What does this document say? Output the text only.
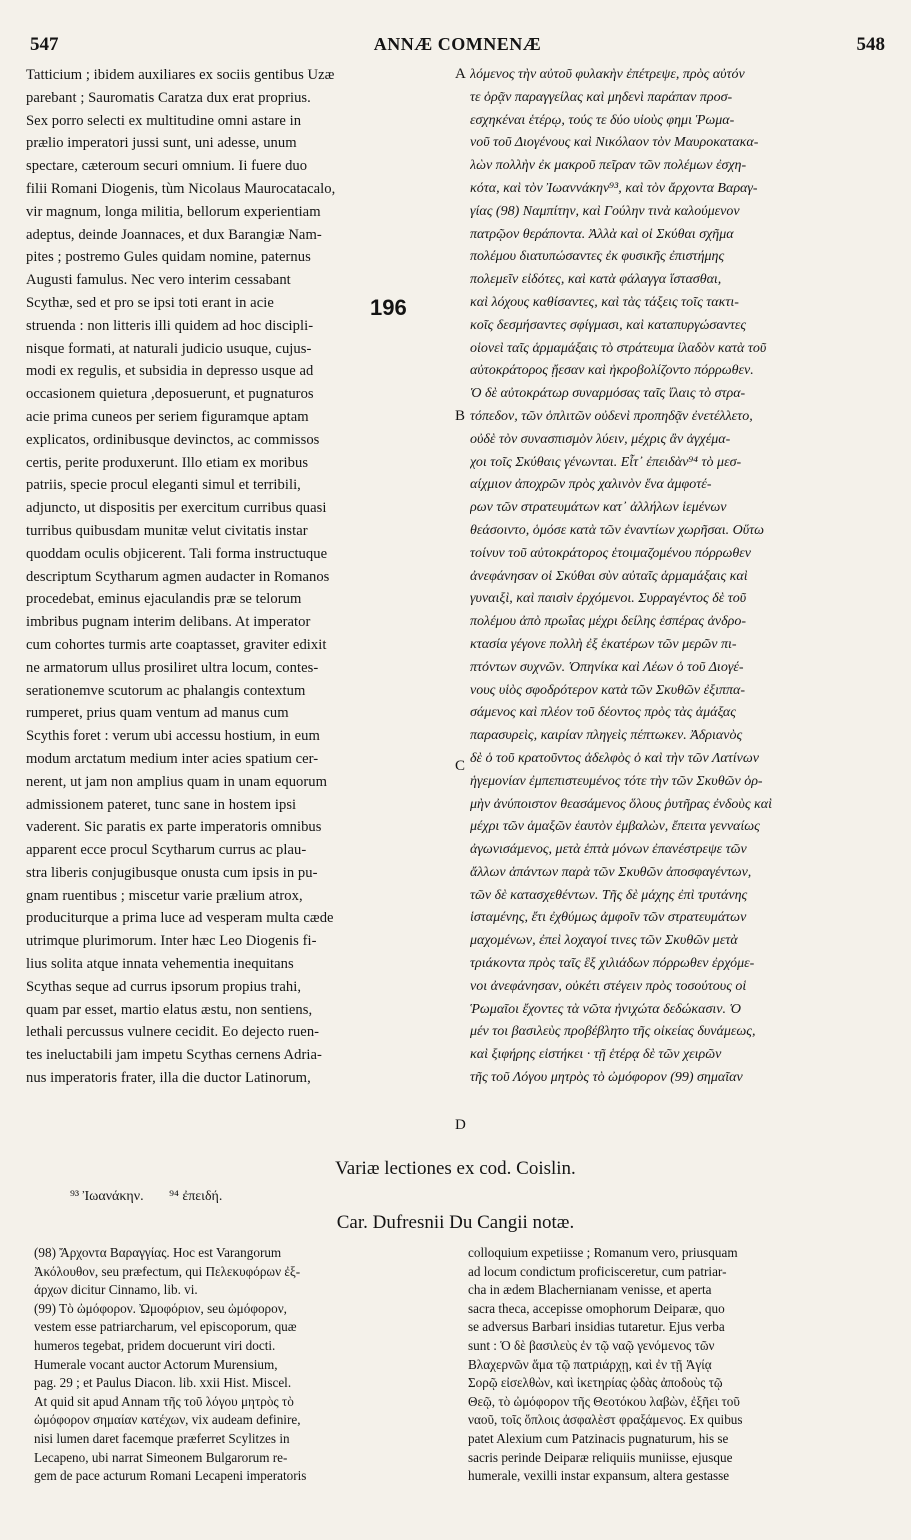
547	ANNÆ COMNENÆ	548
Tatticium ; ibidem auxiliares ex sociis gentibus Uzæ
parebant ; Sauromatis Caratza dux erat proprius.
Sex porro selecti ex multitudine omni astare in
prælio imperatori jussi sunt, uni adesse, unum
spectare, cæteroum securi omnium. Ii fuere duo
filii Romani Diogenis, tùm Nicolaus Maurocatacalo,
vir magnum, longa militia, bellorum experientiam
adeptus, deinde Joannaces, et dux Barangiæ Nam-
pites ; postremo Gules quidam nomine, paternus
Augusti famulus. Nec vero interim cessabant
Scythæ, sed et pro se ipsi toti erant in acie
struenda : non litteris illi quidem ad hoc discipli-
nisque formati, at naturali judicio usuque, cujus-
modi ex regulis, et subsidia in depresso usque ad
occasionem quietura ,deposuerunt, et pugnaturos
acie prima cuneos per seriem figuramque aptam
explicatos, ordinibusque devinctos, ac commissos
certis, perite produxerunt. Illo etiam ex moribus
patriis, specie procul eleganti simul et terribili,
adjuncto, ut dispositis per exercitum curribus quasi
turribus quibusdam munitæ velut civitatis instar
quoddam oculis objicerent. Tali forma instructuque
descriptum Scytharum agmen audacter in Romanos
procedebat, eminus ejaculandis præ se telorum
imbribus pugnam interim delibans. At imperator
cum cohortes turmis arte coaptasset, graviter edixit
ne armatorum ullus prosiliret ultra locum, contes-
serationemve scutorum ac phalangis contextum
rumperet, prius quam ventum ad manus cum
Scythis foret : verum ubi accessu hostium, in eum
modum arctatum medium inter acies spatium cer-
nerent, ut jam non amplius quam in unam equorum
admissionem pateret, tunc sane in hostem ipsi
vaderent. Sic paratis ex parte imperatoris omnibus
apparent ecce procul Scytharum currus ac plau-
stra liberis conjugibusque onusta cum ipsis in pu-
gnam ruentibus ; miscetur varie prælium atrox,
produciturque a prima luce ad vesperam multa cæde
utrimque plurimorum. Inter hæc Leo Diogenis fi-
lius solita atque innata vehementia inequitans
Scythas seque ad currus ipsorum propius trahi,
quam par esset, martio elatus æstu, non sentiens,
lethali percussus vulnere cecidit. Eo dejecto ruen-
tes ineluctabili jam impetu Scythas cernens Adria-
nus imperatoris frater, illa die ductor Latinorum,
λόμενος τὴν αὐτοῦ φυλακὴν ἐπέτρεψε, πρὸς αὐτόν
τε ὁρᾷν παραγγείλας καὶ μηδενὶ παράπαν προσ-
εσχηκέναι ἑτέρῳ, τούς τε δύο υἱοὺς φημι Ῥωμα-
νοῦ τοῦ Διογένους καὶ Νικόλαον τὸν Μαυροκατακα-
λὼν πολλὴν ἐκ μακροῦ πεῖραν τῶν πολέμων ἐσχη-
κότα, καὶ τὸν Ἰωαννάκην⁹³, καὶ τὸν ἄρχοντα Βαραγ-
γίας (98) Ναμπίτην, καὶ Γούλην τινὰ καλούμενον
πατρῷον θεράποντα. Ἀλλὰ καὶ οἱ Σκύθαι σχῆμα
πολέμου διατυπώσαντες ἐκ φυσικῆς ἐπιστήμης
πολεμεῖν εἰδότες, καὶ κατὰ φάλαγγα ἵστασθαι,
καὶ λόχους καθίσαντες, καὶ τὰς τάξεις τοῖς τακτι-
κοῖς δεσμήσαντες σφίγμασι, καὶ καταπυργώσαντες
οἱονεὶ ταῖς ἁρμαμάξαις τὸ στράτευμα ἰλαδὸν κατὰ τοῦ
αὐτοκράτορος ᾔεσαν καὶ ἠκροβολίζοντο πόρρωθεν.
Ὁ δὲ αὐτοκράτωρ συναρμόσας ταῖς ἴλαις τὸ στρα-
τόπεδον, τῶν ὁπλιτῶν οὐδενὶ προπηδᾷν ἐνετέλλετο,
οὐδὲ τὸν συνασπισμὸν λύειν, μέχρις ἂν ἀγχέμα-
χοι τοῖς Σκύθαις γένωνται. Εἶτ᾽ ἐπειδὰν⁹⁴ τὸ μεσ-
αίχμιον ἀποχρῶν πρὸς χαλινὸν ἕνα ἀμφοτέ-
ρων τῶν στρατευμάτων κατ᾽ ἀλλήλων ἱεμένων
θεάσοιντο, ὁμόσε κατὰ τῶν ἐναντίων χωρῆσαι. Οὕτω
τοίνυν τοῦ αὐτοκράτορος ἑτοιμαζομένου πόρρωθεν
ἀνεφάνησαν οἱ Σκύθαι σὺν αὐταῖς ἁρμαμάξαις καὶ
γυναιξὶ, καὶ παισὶν ἐρχόμενοι. Συρραγέντος δὲ τοῦ
πολέμου ἀπὸ πρωΐας μέχρι δείλης ἑσπέρας ἀνδρο-
κτασία γέγονε πολλὴ ἐξ ἑκατέρων τῶν μερῶν πι-
πτόντων συχνῶν. Ὁπηνίκα καὶ Λέων ὁ τοῦ Διογέ-
νους υἱὸς σφοδρότερον κατὰ τῶν Σκυθῶν ἐξιππα-
σάμενος καὶ πλέον τοῦ δέοντος πρὸς τὰς ἁμάξας
παρασυρεὶς, καιρίαν πληγεὶς πέπτωκεν. Ἀδριανὸς
δὲ ὁ τοῦ κρατοῦντος ἀδελφὸς ὁ καὶ τὴν τῶν Λατίνων
ἡγεμονίαν ἐμπεπιστευμένος τότε τὴν τῶν Σκυθῶν ὁρ-
μὴν ἀνύποιστον θεασάμενος ὅλους ῥυτῆρας ἐνδοὺς καὶ
μέχρι τῶν ἁμαξῶν ἑαυτὸν ἐμβαλὼν, ἔπειτα γενναίως
ἀγωνισάμενος, μετὰ ἑπτὰ μόνων ἐπανέστρεψε τῶν
ἄλλων ἁπάντων παρὰ τῶν Σκυθῶν ἀποσφαγέντων,
τῶν δὲ κατασχεθέντων. Τῆς δὲ μάχης ἐπὶ τρυτάνης
ἱσταμένης, ἔτι ἐχθύμως ἀμφοῖν τῶν στρατευμάτων
μαχομένων, ἐπεὶ λοχαγοί τινες τῶν Σκυθῶν μετὰ
τριάκοντα πρὸς ταῖς ἓξ χιλιάδων πόρρωθεν ἐρχόμε-
νοι ἀνεφάνησαν, οὐκέτι στέγειν πρὸς τοσούτους οἱ
Ῥωμαῖοι ἔχοντες τὰ νῶτα ἠνιχώτα δεδώκασιν. Ὁ
μέν τοι βασιλεὺς προβέβλητο τῆς οἰκείας δυνάμεως,
καὶ ξιφήρης εἱστήκει · τῇ ἑτέρᾳ δὲ τῶν χειρῶν
τῆς τοῦ Λόγου μητρὸς τὸ ὠμόφορον (99) σημαῖαν
A
B
C
D
196
Variæ lectiones ex cod. Coislin.
⁹³ Ἰωανάκην. ⁹⁴ ἐπειδή.
Car. Dufresnii Du Cangii notæ.
(98) Ἄρχοντα Βαραγγίας. Hoc est Varangorum
Ἀκόλουθον, seu præfectum, qui Πελεκυφόρων ἐξ-
άρχων dicitur Cinnamo, lib. vi.
(99) Τὸ ὠμόφορον. Ὠμοφόριον, seu ὠμόφορον,
vestem esse patriarcharum, vel episcoporum, quæ
humeros tegebat, pridem docuerunt viri docti.
Humerale vocant auctor Actorum Murensium,
pag. 29 ; et Paulus Diacon. lib. xxii Hist. Miscel.
At quid sit apud Annam τῆς τοῦ λόγου μητρὸς τὸ
ὠμόφορον σημαίαν κατέχων, vix audeam definire,
nisi lumen daret facemque præferret Scylitzes in
Lecapeno, ubi narrat Simeonem Bulgarorum re-
gem de pace acturum Romani Lecapeni imperatoris
colloquium expetiisse ; Romanum vero, priusquam
ad locum condictum proficisceretur, cum patriar-
cha in ædem Blachernianam venisse, et aperta
sacra theca, accepisse omophorum Deiparæ, quo
se adversus Barbari insidias tutaretur. Ejus verba
sunt : Ὁ δὲ βασιλεὺς ἐν τῷ ναῷ γενόμενος τῶν
Βλαχερνῶν ἅμα τῷ πατριάρχῃ, καὶ ἐν τῇ Ἁγίᾳ
Σορῷ εἰσελθὼν, καὶ ἱκετηρίας ᾠδὰς ἀποδοὺς τῷ
Θεῷ, τὸ ὠμόφορον τῆς Θεοτόκου λαβὼν, ἐξῆει τοῦ
ναοῦ, τοῖς ὅπλοις ἀσφαλὲστ φραξάμενος. Ex quibus
patet Alexium cum Patzinacis pugnaturum, his se
sacris perinde Deiparæ reliquiis muniisse, ejusque
humerale, vexilli instar expansum, altera gestasse
